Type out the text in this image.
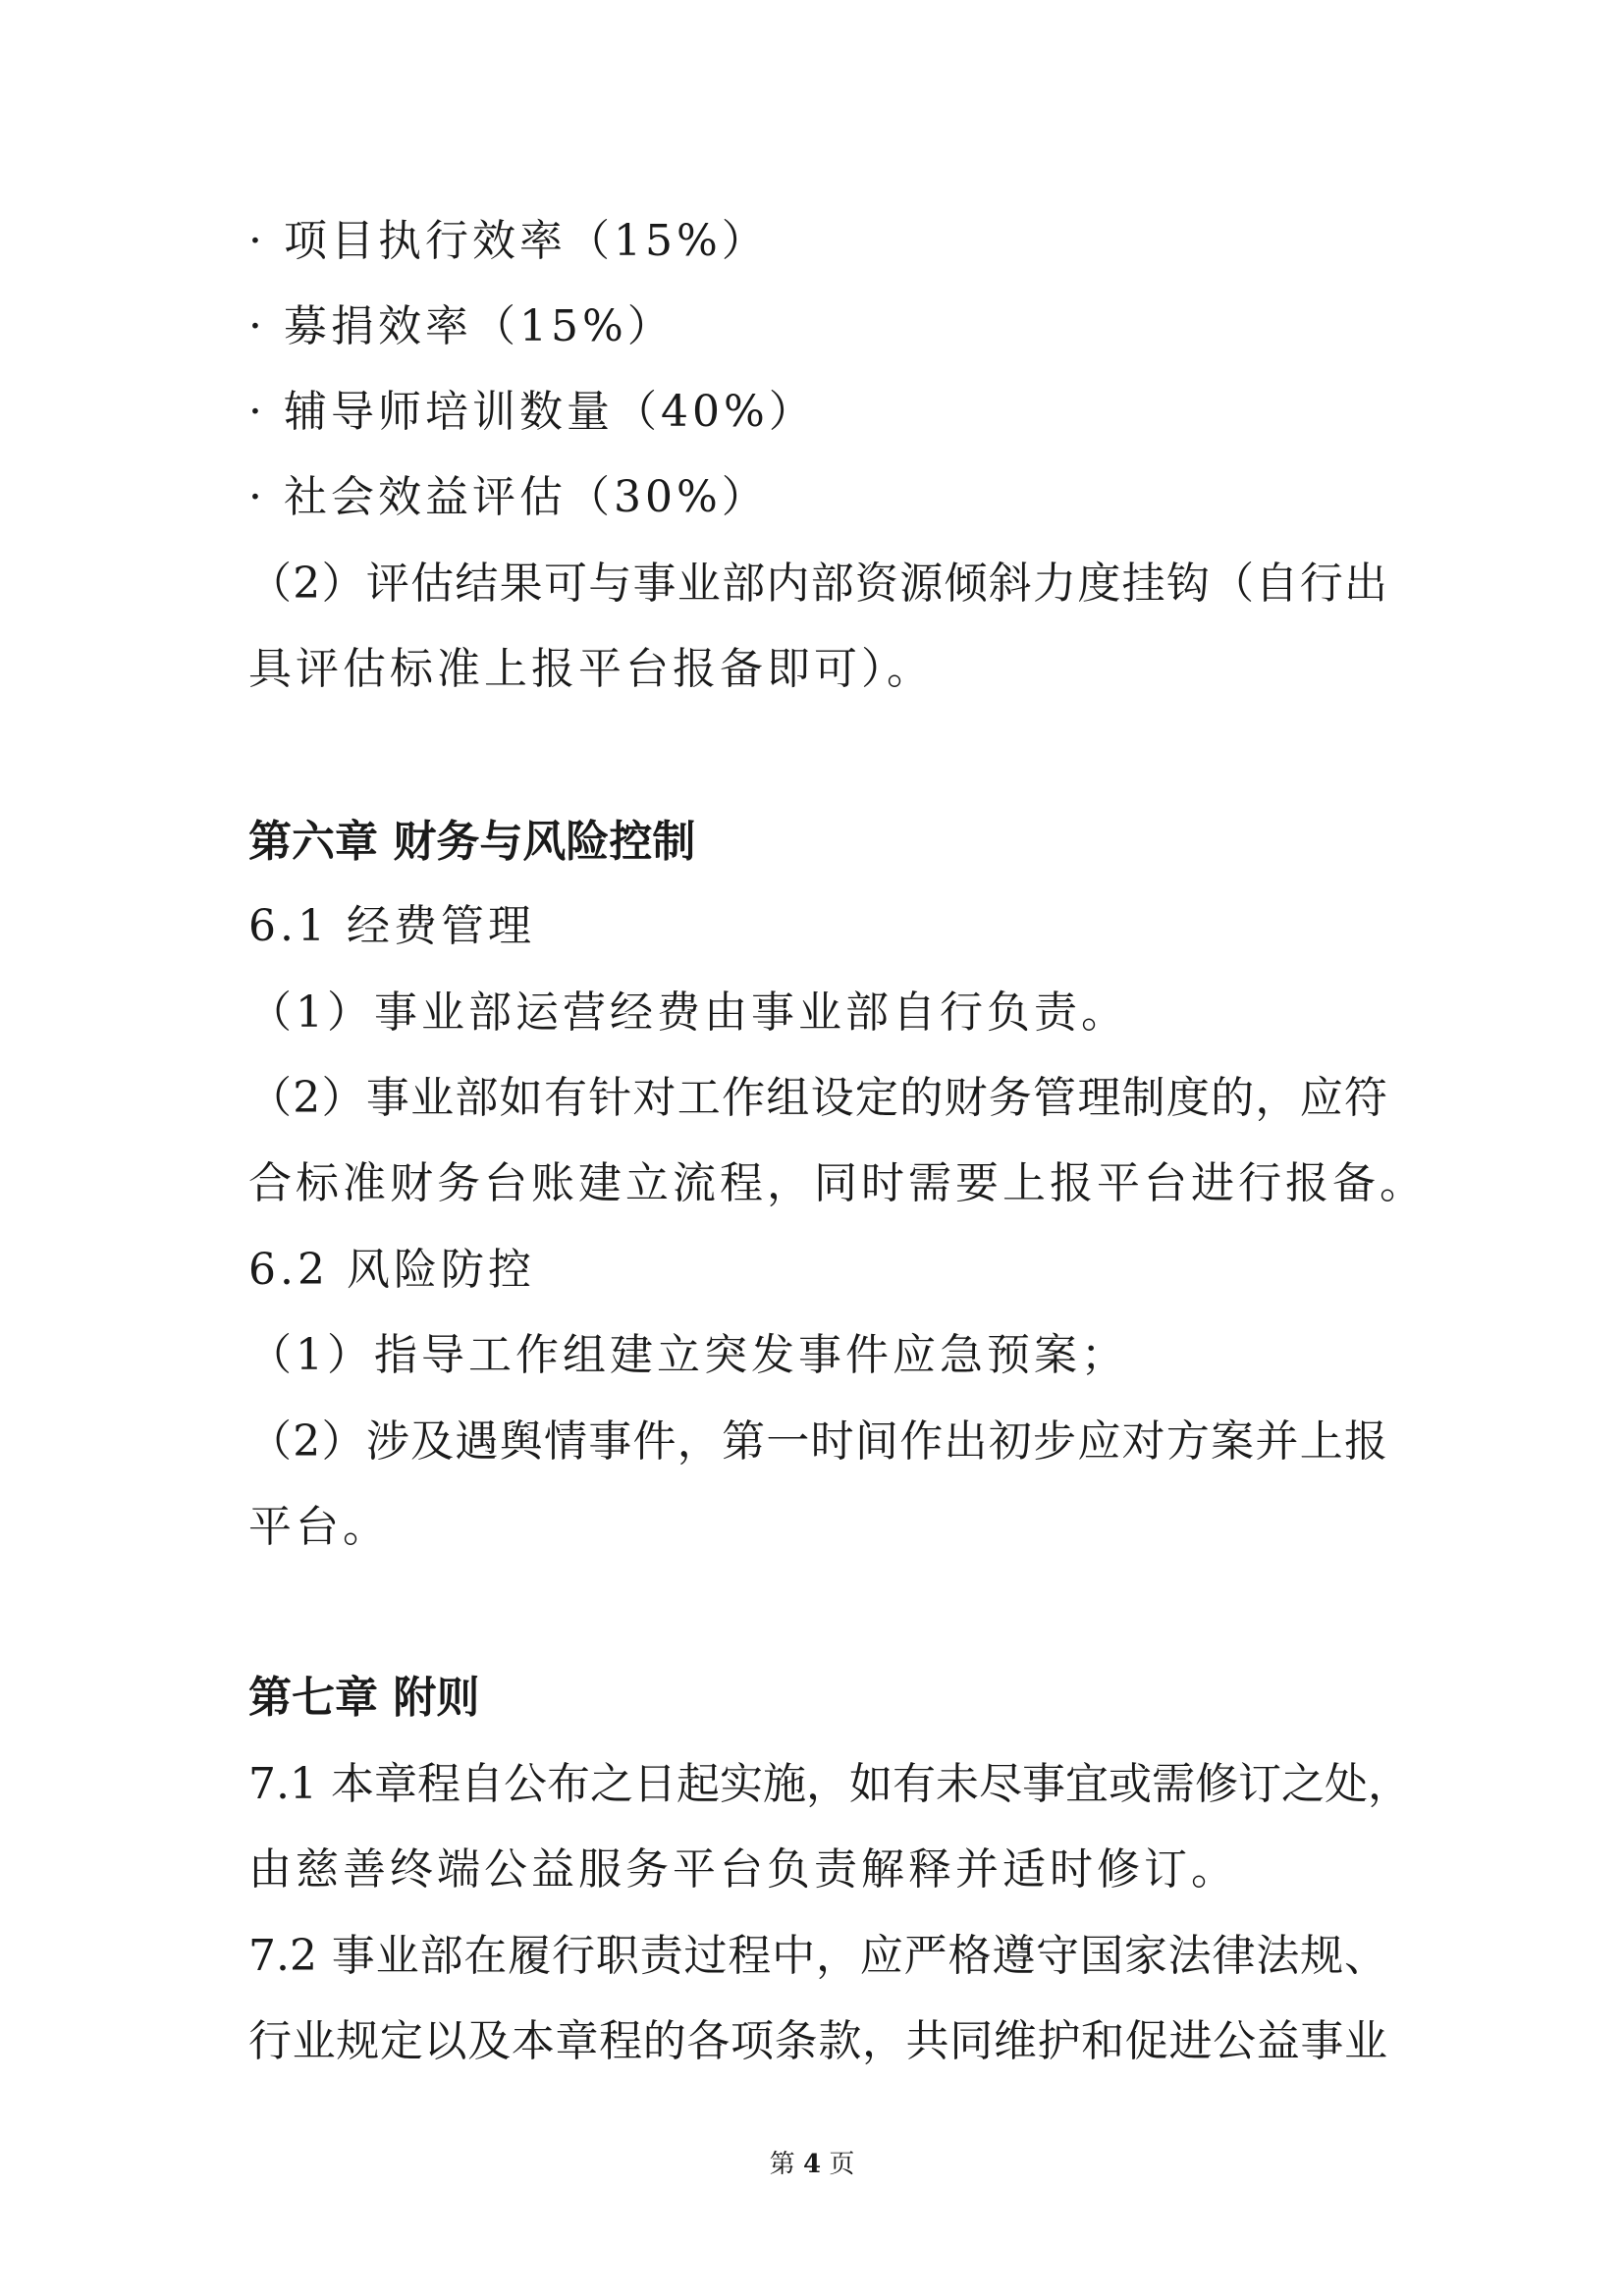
· 项目执行效率（15%）
· 募捐效率（15%）
· 辅导师培训数量（40%）
· 社会效益评估（30%）
（2）评估结果可与事业部内部资源倾斜力度挂钩（自行出
具评估标准上报平台报备即可）。
第六章 财务与风险控制
6.1 经费管理
（1）事业部运营经费由事业部自行负责。
（2）事业部如有针对工作组设定的财务管理制度的，应符
合标准财务台账建立流程，同时需要上报平台进行报备。
6.2 风险防控
（1）指导工作组建立突发事件应急预案；
（2）涉及遇舆情事件，第一时间作出初步应对方案并上报
平台。
第七章 附则
7.1 本章程自公布之日起实施，如有未尽事宜或需修订之处，
由慈善终端公益服务平台负责解释并适时修订。
7.2 事业部在履行职责过程中，应严格遵守国家法律法规、
行业规定以及本章程的各项条款，共同维护和促进公益事业
第 4 页
